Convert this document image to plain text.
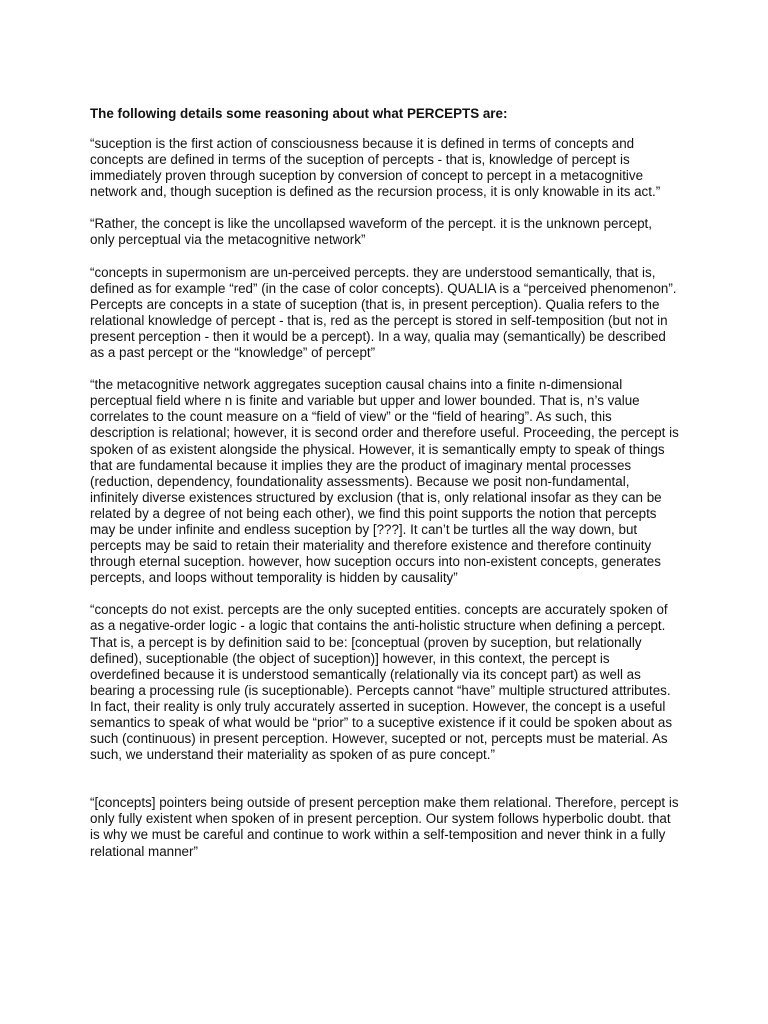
The following details some reasoning about what PERCEPTS are:

“suception is the first action of consciousness because it is defined in terms of concepts and concepts are defined in terms of the suception of percepts - that is, knowledge of percept is immediately proven through suception by conversion of concept to percept in a metacognitive network and, though suception is defined as the recursion process, it is only knowable in its act.”

“Rather, the concept is like the uncollapsed waveform of the percept. it is the unknown percept, only perceptual via the metacognitive network”

“concepts in supermonism are un-perceived percepts. they are understood semantically, that is, defined as for example “red” (in the case of color concepts). QUALIA is a “perceived phenomenon”. Percepts are concepts in a state of suception (that is, in present perception). Qualia refers to the relational knowledge of percept - that is, red as the percept is stored in self-temposition (but not in present perception - then it would be a percept). In a way, qualia may (semantically) be described as a past percept or the “knowledge” of percept”

“the metacognitive network aggregates suception causal chains into a finite n-dimensional perceptual field where n is finite and variable but upper and lower bounded. That is, n’s value correlates to the count measure on a “field of view” or the “field of hearing”. As such, this description is relational; however, it is second order and therefore useful. Proceeding, the percept is spoken of as existent alongside the physical. However, it is semantically empty to speak of things that are fundamental because it implies they are the product of imaginary mental processes (reduction, dependency, foundationality assessments). Because we posit non-fundamental, infinitely diverse existences structured by exclusion (that is, only relational insofar as they can be related by a degree of not being each other), we find this point supports the notion that percepts may be under infinite and endless suception by [???]. It can’t be turtles all the way down, but percepts may be said to retain their materiality and therefore existence and therefore continuity through eternal suception. however, how suception occurs into non-existent concepts, generates percepts, and loops without temporality is hidden by causality”

“concepts do not exist. percepts are the only sucepted entities. concepts are accurately spoken of as a negative-order logic - a logic that contains the anti-holistic structure when defining a percept. That is, a percept is by definition said to be: [conceptual (proven by suception, but relationally defined), suceptionable (the object of suception)] however, in this context, the percept is overdefined because it is understood semantically (relationally via its concept part) as well as bearing a processing rule (is suceptionable). Percepts cannot “have” multiple structured attributes. In fact, their reality is only truly accurately asserted in suception. However, the concept is a useful semantics to speak of what would be “prior” to a suceptive existence if it could be spoken about as such (continuous) in present perception. However, sucepted or not, percepts must be material. As such, we understand their materiality as spoken of as pure concept.”

“[concepts] pointers being outside of present perception make them relational. Therefore, percept is only fully existent when spoken of in present perception. Our system follows hyperbolic doubt. that is why we must be careful and continue to work within a self-temposition and never think in a fully relational manner”
